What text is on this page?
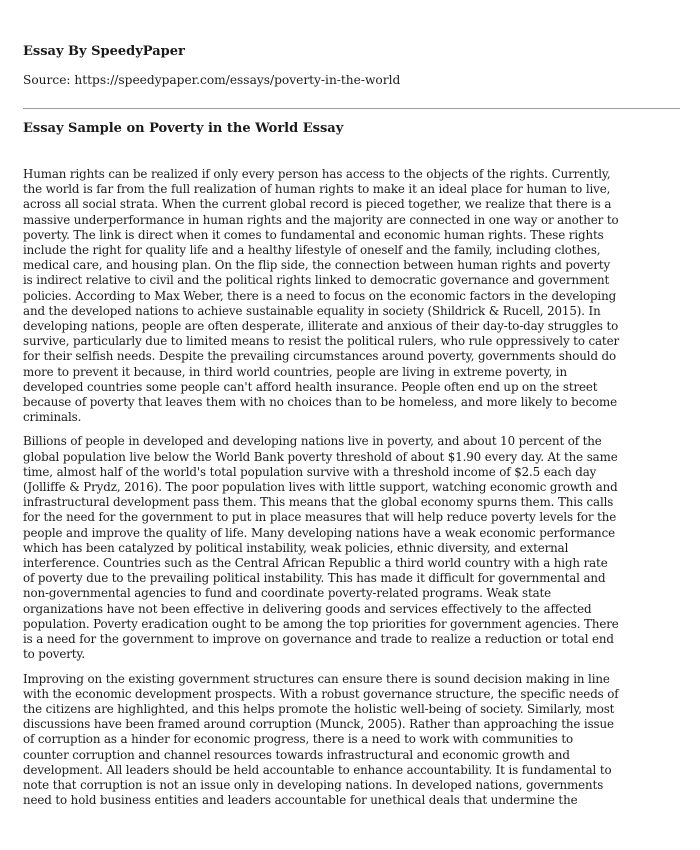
Essay By SpeedyPaper
Source: https://speedypaper.com/essays/poverty-in-the-world
Essay Sample on Poverty in the World Essay

Human rights can be realized if only every person has access to the objects of the rights. Currently,
the world is far from the full realization of human rights to make it an ideal place for human to live,
across all social strata. When the current global record is pieced together, we realize that there is a
massive underperformance in human rights and the majority are connected in one way or another to
poverty. The link is direct when it comes to fundamental and economic human rights. These rights
include the right for quality life and a healthy lifestyle of oneself and the family, including clothes,
medical care, and housing plan. On the flip side, the connection between human rights and poverty
is indirect relative to civil and the political rights linked to democratic governance and government
policies. According to Max Weber, there is a need to focus on the economic factors in the developing
and the developed nations to achieve sustainable equality in society (Shildrick & Rucell, 2015). In
developing nations, people are often desperate, illiterate and anxious of their day-to-day struggles to
survive, particularly due to limited means to resist the political rulers, who rule oppressively to cater
for their selfish needs. Despite the prevailing circumstances around poverty, governments should do
more to prevent it because, in third world countries, people are living in extreme poverty, in
developed countries some people can't afford health insurance. People often end up on the street
because of poverty that leaves them with no choices than to be homeless, and more likely to become
criminals.

Billions of people in developed and developing nations live in poverty, and about 10 percent of the
global population live below the World Bank poverty threshold of about $1.90 every day. At the same
time, almost half of the world's total population survive with a threshold income of $2.5 each day
(Jolliffe & Prydz, 2016). The poor population lives with little support, watching economic growth and
infrastructural development pass them. This means that the global economy spurns them. This calls
for the need for the government to put in place measures that will help reduce poverty levels for the
people and improve the quality of life. Many developing nations have a weak economic performance
which has been catalyzed by political instability, weak policies, ethnic diversity, and external
interference. Countries such as the Central African Republic a third world country with a high rate
of poverty due to the prevailing political instability. This has made it difficult for governmental and
non-governmental agencies to fund and coordinate poverty-related programs. Weak state
organizations have not been effective in delivering goods and services effectively to the affected
population. Poverty eradication ought to be among the top priorities for government agencies. There
is a need for the government to improve on governance and trade to realize a reduction or total end
to poverty.

Improving on the existing government structures can ensure there is sound decision making in line
with the economic development prospects. With a robust governance structure, the specific needs of
the citizens are highlighted, and this helps promote the holistic well-being of society. Similarly, most
discussions have been framed around corruption (Munck, 2005). Rather than approaching the issue
of corruption as a hinder for economic progress, there is a need to work with communities to
counter corruption and channel resources towards infrastructural and economic growth and
development. All leaders should be held accountable to enhance accountability. It is fundamental to
note that corruption is not an issue only in developing nations. In developed nations, governments
need to hold business entities and leaders accountable for unethical deals that undermine the
